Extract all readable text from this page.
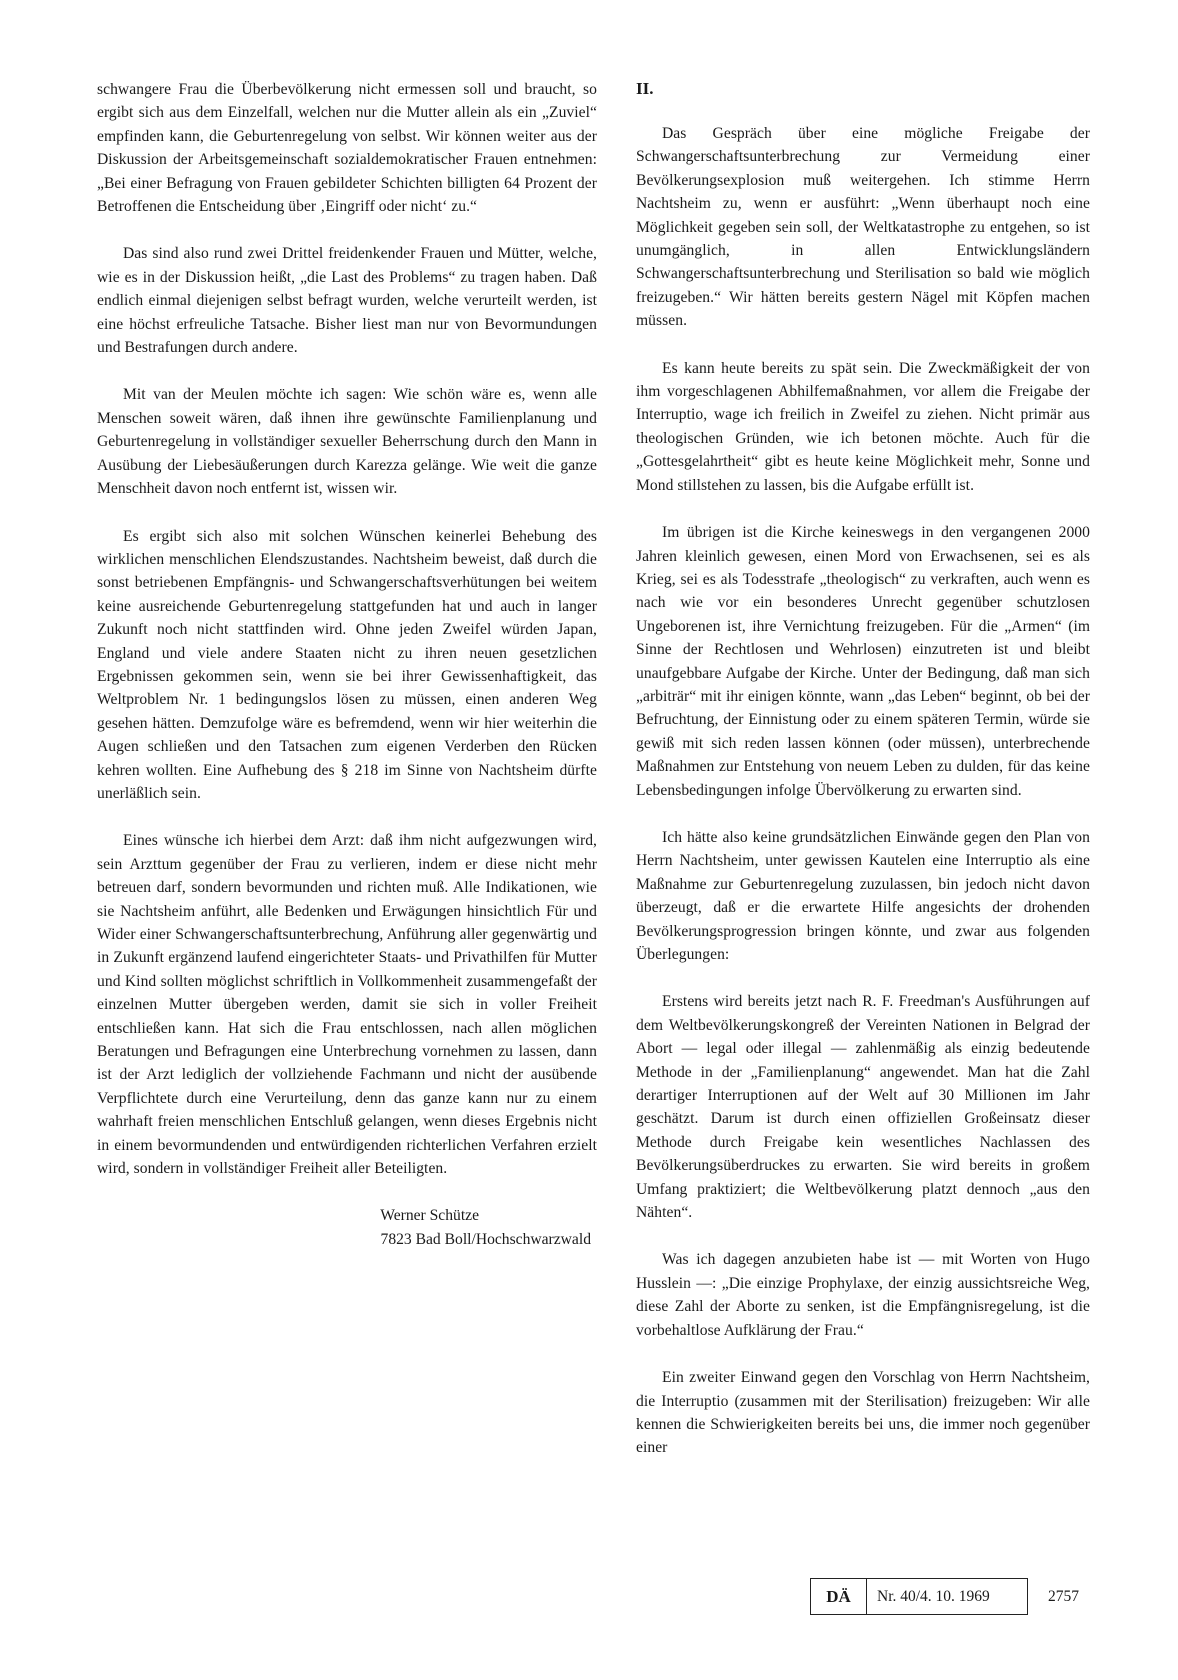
schwangere Frau die Überbevölkerung nicht ermessen soll und braucht, so ergibt sich aus dem Einzelfall, welchen nur die Mutter allein als ein „Zuviel“ empfinden kann, die Geburtenregelung von selbst. Wir können weiter aus der Diskussion der Arbeitsgemeinschaft sozialdemokratischer Frauen entnehmen: „Bei einer Befragung von Frauen gebildeter Schichten billigten 64 Prozent der Betroffenen die Entscheidung über ‚Eingriff oder nicht‘ zu.“

Das sind also rund zwei Drittel freidenkender Frauen und Mütter, welche, wie es in der Diskussion heißt, „die Last des Problems“ zu tragen haben. Daß endlich einmal diejenigen selbst befragt wurden, welche verurteilt werden, ist eine höchst erfreuliche Tatsache. Bisher liest man nur von Bevormundungen und Bestrafungen durch andere.

Mit van der Meulen möchte ich sagen: Wie schön wäre es, wenn alle Menschen soweit wären, daß ihnen ihre gewünschte Familienplanung und Geburtenregelung in vollständiger sexueller Beherrschung durch den Mann in Ausübung der Liebesäußerungen durch Karezza gelänge. Wie weit die ganze Menschheit davon noch entfernt ist, wissen wir.

Es ergibt sich also mit solchen Wünschen keinerlei Behebung des wirklichen menschlichen Elendszustandes. Nachtsheim beweist, daß durch die sonst betriebenen Empfängnis- und Schwangerschaftsverhütungen bei weitem keine ausreichende Geburtenregelung stattgefunden hat und auch in langer Zukunft noch nicht stattfinden wird. Ohne jeden Zweifel würden Japan, England und viele andere Staaten nicht zu ihren neuen gesetzlichen Ergebnissen gekommen sein, wenn sie bei ihrer Gewissenhaftigkeit, das Weltproblem Nr. 1 bedingungslos lösen zu müssen, einen anderen Weg gesehen hätten. Demzufolge wäre es befremdend, wenn wir hier weiterhin die Augen schließen und den Tatsachen zum eigenen Verderben den Rücken kehren wollten. Eine Aufhebung des § 218 im Sinne von Nachtsheim dürfte unerläßlich sein.

Eines wünsche ich hierbei dem Arzt: daß ihm nicht aufgezwungen wird, sein Arzttum gegenüber der Frau zu verlieren, indem er diese nicht mehr betreuen darf, sondern bevormunden und richten muß. Alle Indikationen, wie sie Nachtsheim anführt, alle Bedenken und Erwägungen hinsichtlich Für und Wider einer Schwangerschaftsunterbrechung, Anführung aller gegenwärtig und in Zukunft ergänzend laufend eingerichteter Staats- und Privathilfen für Mutter und Kind sollten möglichst schriftlich in Vollkommenheit zusammengefaßt der einzelnen Mutter übergeben werden, damit sie sich in voller Freiheit entschließen kann. Hat sich die Frau entschlossen, nach allen möglichen Beratungen und Befragungen eine Unterbrechung vornehmen zu lassen, dann ist der Arzt lediglich der vollziehende Fachmann und nicht der ausübende Verpflichtete durch eine Verurteilung, denn das ganze kann nur zu einem wahrhaft freien menschlichen Entschluß gelangen, wenn dieses Ergebnis nicht in einem bevormundenden und entwürdigenden richterlichen Verfahren erzielt wird, sondern in vollständiger Freiheit aller Beteiligten.

Werner Schütze
7823 Bad Boll/Hochschwarzwald
II.

Das Gespräch über eine mögliche Freigabe der Schwangerschaftsunterbrechung zur Vermeidung einer Bevölkerungsexplosion muß weitergehen. Ich stimme Herrn Nachtsheim zu, wenn er ausführt: „Wenn überhaupt noch eine Möglichkeit gegeben sein soll, der Weltkatastrophe zu entgehen, so ist unumgänglich, in allen Entwicklungsländern Schwangerschaftsunterbrechung und Sterilisation so bald wie möglich freizugeben.“ Wir hätten bereits gestern Nägel mit Köpfen machen müssen.

Es kann heute bereits zu spät sein. Die Zweckmäßigkeit der von ihm vorgeschlagenen Abhilfemaßnahmen, vor allem die Freigabe der Interruptio, wage ich freilich in Zweifel zu ziehen. Nicht primär aus theologischen Gründen, wie ich betonen möchte. Auch für die „Gottesgelahrtheit“ gibt es heute keine Möglichkeit mehr, Sonne und Mond stillstehen zu lassen, bis die Aufgabe erfüllt ist.

Im übrigen ist die Kirche keineswegs in den vergangenen 2000 Jahren kleinlich gewesen, einen Mord von Erwachsenen, sei es als Krieg, sei es als Todesstrafe „theologisch“ zu verkraften, auch wenn es nach wie vor ein besonderes Unrecht gegenüber schutzlosen Ungeborenen ist, ihre Vernichtung freizugeben. Für die „Armen“ (im Sinne der Rechtlosen und Wehrlosen) einzutreten ist und bleibt unaufgebbare Aufgabe der Kirche. Unter der Bedingung, daß man sich „arbiträr“ mit ihr einigen könnte, wann „das Leben“ beginnt, ob bei der Befruchtung, der Einnistung oder zu einem späteren Termin, würde sie gewiß mit sich reden lassen können (oder müssen), unterbrechende Maßnahmen zur Entstehung von neuem Leben zu dulden, für das keine Lebensbedingungen infolge Übervölkerung zu erwarten sind.

Ich hätte also keine grundsätzlichen Einwände gegen den Plan von Herrn Nachtsheim, unter gewissen Kautelen eine Interruptio als eine Maßnahme zur Geburtenregelung zuzulassen, bin jedoch nicht davon überzeugt, daß er die erwartete Hilfe angesichts der drohenden Bevölkerungsprogression bringen könnte, und zwar aus folgenden Überlegungen:

Erstens wird bereits jetzt nach R. F. Freedman's Ausführungen auf dem Weltbevölkerungskongreß der Vereinten Nationen in Belgrad der Abort — legal oder illegal — zahlenmäßig als einzig bedeutende Methode in der „Familienplanung“ angewendet. Man hat die Zahl derartiger Interruptionen auf der Welt auf 30 Millionen im Jahr geschätzt. Darum ist durch einen offiziellen Großeinsatz dieser Methode durch Freigabe kein wesentliches Nachlassen des Bevölkerungsüberdruckes zu erwarten. Sie wird bereits in großem Umfang praktiziert; die Weltbevölkerung platzt dennoch „aus den Nähten“.

Was ich dagegen anzubieten habe ist — mit Worten von Hugo Husslein —: „Die einzige Prophylaxe, der einzig aussichtsreiche Weg, diese Zahl der Aborte zu senken, ist die Empfängnisregelung, ist die vorbehaltlose Aufklärung der Frau.“

Ein zweiter Einwand gegen den Vorschlag von Herrn Nachtsheim, die Interruptio (zusammen mit der Sterilisation) freizugeben: Wir alle kennen die Schwierigkeiten bereits bei uns, die immer noch gegenüber einer

DÄ	Nr. 40/4. 10. 1969	2757
